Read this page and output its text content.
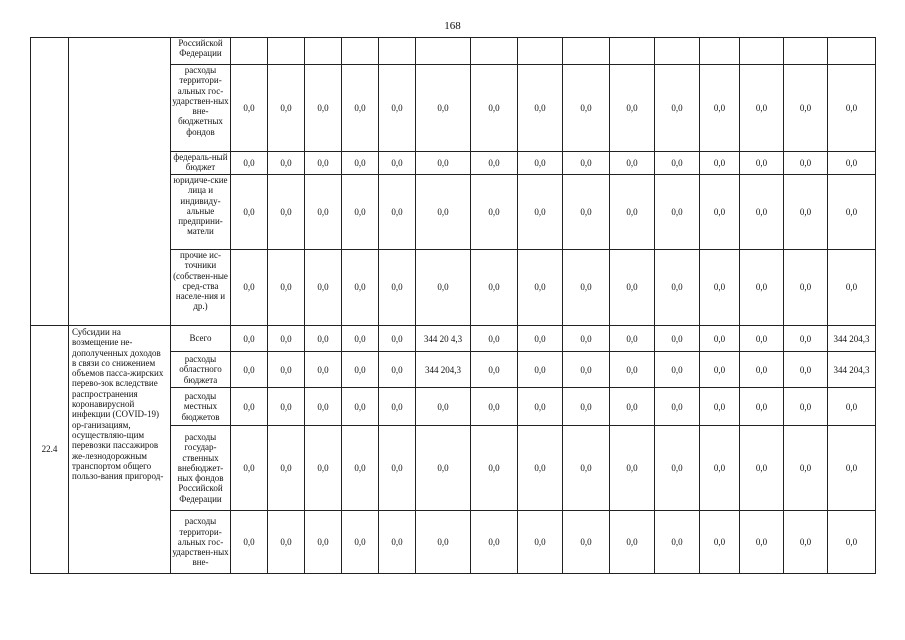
168
		Российской Федерации															
		расходы территори-альных гос-ударствен-ных вне-бюджетных фондов	0,0	0,0	0,0	0,0	0,0	0,0	0,0	0,0	0,0	0,0	0,0	0,0	0,0	0,0	0,0
		федераль-ный бюджет	0,0	0,0	0,0	0,0	0,0	0,0	0,0	0,0	0,0	0,0	0,0	0,0	0,0	0,0	0,0
		юридиче-ские лица и индивиду-альные предприни-матели	0,0	0,0	0,0	0,0	0,0	0,0	0,0	0,0	0,0	0,0	0,0	0,0	0,0	0,0	0,0
		прочие ис-точники (собствен-ные сред-ства населе-ния и др.)	0,0	0,0	0,0	0,0	0,0	0,0	0,0	0,0	0,0	0,0	0,0	0,0	0,0	0,0	0,0
22.4	Субсидии на возмещение не-дополученных доходов в связи со снижением объемов пасса-жирских перево-зок вследствие распространения коронавирусной инфекции (COVID-19) ор-ганизациям, осуществляю-щим перевозки пассажиров же-лезнодорожным транспортом общего пользо-вания пригород-	Всего	0,0	0,0	0,0	0,0	0,0	344 20 4,3	0,0	0,0	0,0	0,0	0,0	0,0	0,0	0,0	344 204,3
		расходы областного бюджета	0,0	0,0	0,0	0,0	0,0	344 204,3	0,0	0,0	0,0	0,0	0,0	0,0	0,0	0,0	344 204,3
		расходы местных бюджетов	0,0	0,0	0,0	0,0	0,0	0,0	0,0	0,0	0,0	0,0	0,0	0,0	0,0	0,0	0,0
		расходы государ-ственных внебюджет-ных фондов Российской Федерации	0,0	0,0	0,0	0,0	0,0	0,0	0,0	0,0	0,0	0,0	0,0	0,0	0,0	0,0	0,0
		расходы территори-альных гос-ударствен-ных вне-	0,0	0,0	0,0	0,0	0,0	0,0	0,0	0,0	0,0	0,0	0,0	0,0	0,0	0,0	0,0
